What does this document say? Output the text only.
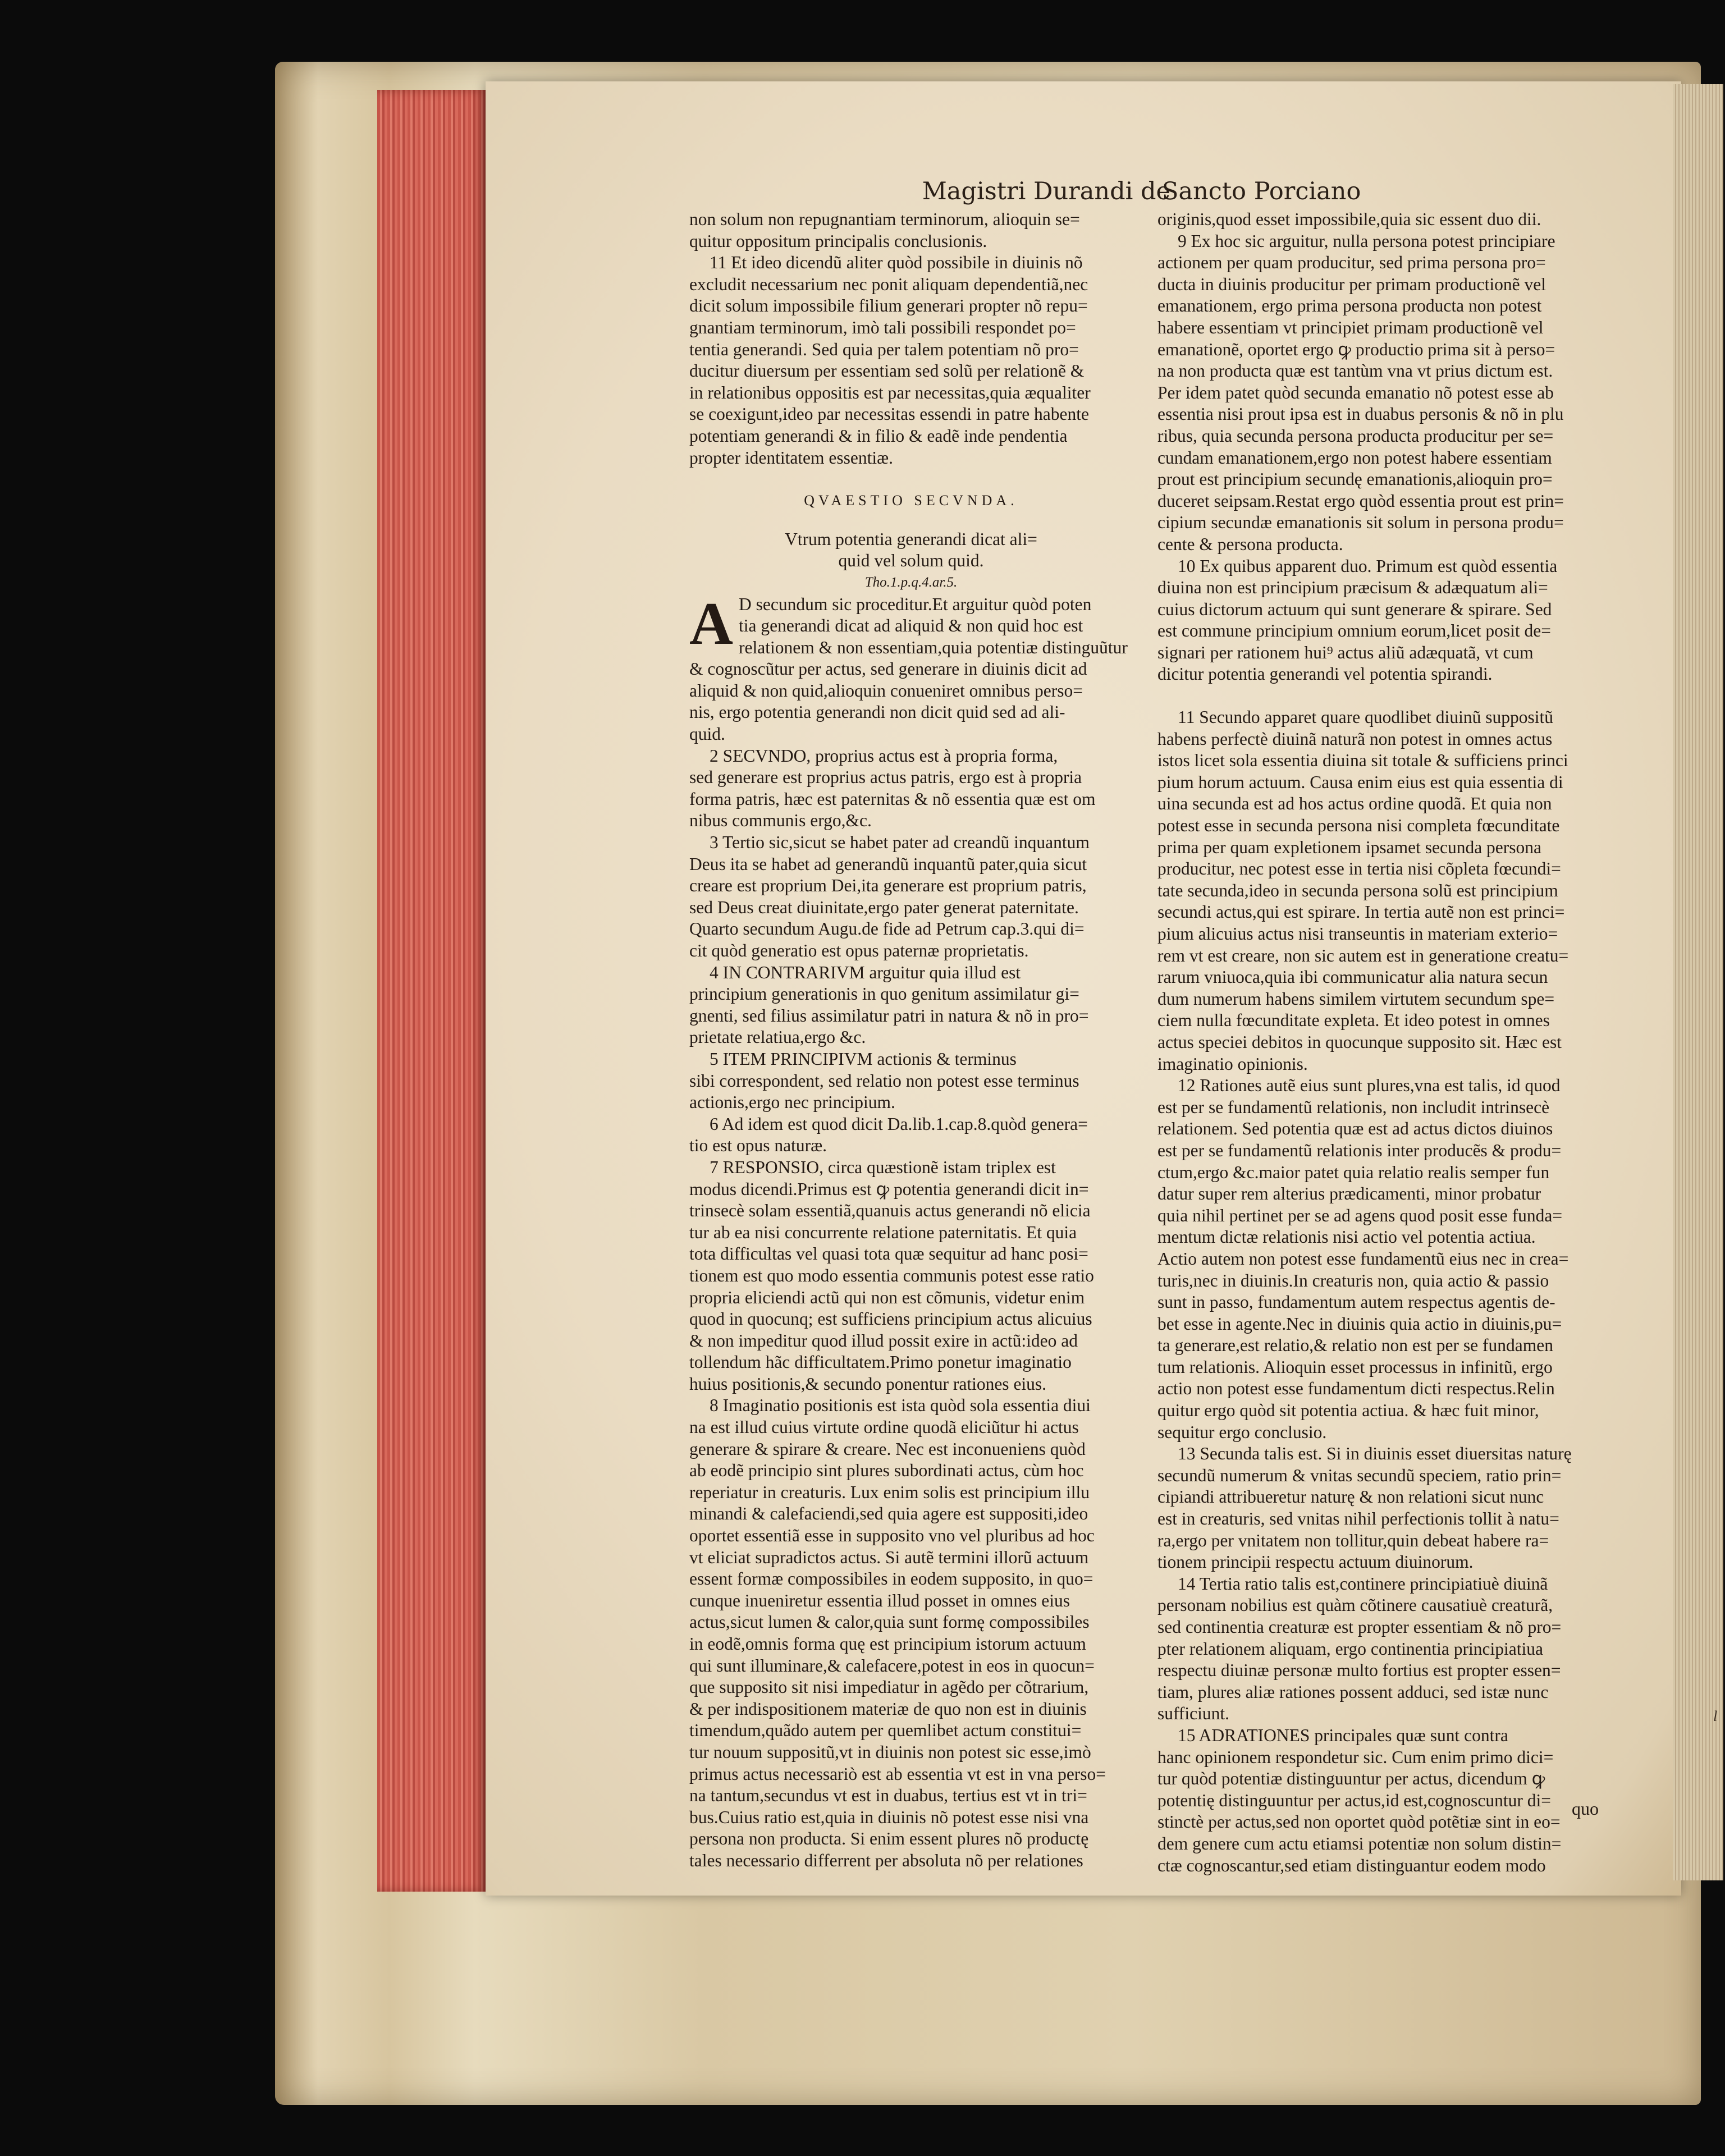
Magistri Durandi de
Sancto Porciano

non solum non repugnantiam terminorum, alioquin se=

quitur oppositum principalis conclusionis.

11 Et ideo dicendũ aliter quòd possibile in diuinis nõ

excludit necessarium nec ponit aliquam dependentiã,nec

dicit solum impossibile filium generari propter nõ repu=

gnantiam terminorum, imò tali possibili respondet po=

tentia generandi. Sed quia per talem potentiam nõ pro=

ducitur diuersum per essentiam sed solũ per relationẽ &

in relationibus oppositis est par necessitas,quia æqualiter

se coexigunt,ideo par necessitas essendi in patre habente

potentiam generandi & in filio & eadẽ inde pendentia

propter identitatem essentiæ.

QVAESTIO SECVNDA.

Vtrum potentia generandi dicat ali=

quid vel solum quid.

Tho.1.p.q.4.ar.5.

A D secundum sic proceditur.Et arguitur quòd poten

tia generandi dicat ad aliquid & non quid hoc est

relationem & non essentiam,quia potentiæ distinguũtur

& cognoscũtur per actus, sed generare in diuinis dicit ad

aliquid & non quid,alioquin conueniret omnibus perso=

nis, ergo potentia generandi non dicit quid sed ad ali-

quid.

2 SECVNDO, proprius actus est à propria forma,

sed generare est proprius actus patris, ergo est à propria

forma patris, hæc est paternitas & nõ essentia quæ est om

nibus communis ergo,&c.

3 Tertio sic,sicut se habet pater ad creandũ inquantum

Deus ita se habet ad generandũ inquantũ pater,quia sicut

creare est proprium Dei,ita generare est proprium patris,

sed Deus creat diuinitate,ergo pater generat paternitate.

Quarto secundum Augu.de fide ad Petrum cap.3.qui di=

cit quòd generatio est opus paternæ proprietatis.

4 IN CONTRARIVM arguitur quia illud est

principium generationis in quo genitum assimilatur gi=

gnenti, sed filius assimilatur patri in natura & nõ in pro=

prietate relatiua,ergo &c.

5 ITEM PRINCIPIVM actionis & terminus

sibi correspondent, sed relatio non potest esse terminus

actionis,ergo nec principium.

6 Ad idem est quod dicit Da.lib.1.cap.8.quòd genera=

tio est opus naturæ.

7 RESPONSIO, circa quæstionẽ istam triplex est

modus dicendi.Primus est ꝙ potentia generandi dicit in=

trinsecè solam essentiã,quanuis actus generandi nõ elicia

tur ab ea nisi concurrente relatione paternitatis. Et quia

tota difficultas vel quasi tota quæ sequitur ad hanc posi=

tionem est quo modo essentia communis potest esse ratio

propria eliciendi actũ qui non est cõmunis, videtur enim

quod in quocunq; est sufficiens principium actus alicuius

& non impeditur quod illud possit exire in actũ:ideo ad

tollendum hãc difficultatem.Primo ponetur imaginatio

huius positionis,& secundo ponentur rationes eius.

8 Imaginatio positionis est ista quòd sola essentia diui

na est illud cuius virtute ordine quodã eliciũtur hi actus

generare & spirare & creare. Nec est inconueniens quòd

ab eodẽ principio sint plures subordinati actus, cùm hoc

reperiatur in creaturis. Lux enim solis est principium illu

minandi & calefaciendi,sed quia agere est suppositi,ideo

oportet essentiã esse in supposito vno vel pluribus ad hoc

vt eliciat supradictos actus. Si autẽ termini illorũ actuum

essent formæ compossibiles in eodem supposito, in quo=

cunque inueniretur essentia illud posset in omnes eius

actus,sicut lumen & calor,quia sunt formę compossibiles

in eodẽ,omnis forma quę est principium istorum actuum

qui sunt illuminare,& calefacere,potest in eos in quocun=

que supposito sit nisi impediatur in agẽdo per cõtrarium,

& per indispositionem materiæ de quo non est in diuinis

timendum,quãdo autem per quemlibet actum constitui=

tur nouum suppositũ,vt in diuinis non potest sic esse,imò

primus actus necessariò est ab essentia vt est in vna perso=

na tantum,secundus vt est in duabus, tertius est vt in tri=

bus.Cuius ratio est,quia in diuinis nõ potest esse nisi vna

persona non producta. Si enim essent plures nõ productę

tales necessario differrent per absoluta nõ per relationes

originis,quod esset impossibile,quia sic essent duo dii.

9 Ex hoc sic arguitur, nulla persona potest principiare

actionem per quam producitur, sed prima persona pro=

ducta in diuinis producitur per primam productionẽ vel

emanationem, ergo prima persona producta non potest

habere essentiam vt principiet primam productionẽ vel

emanationẽ, oportet ergo ꝙ productio prima sit à perso=

na non producta quæ est tantùm vna vt prius dictum est.

Per idem patet quòd secunda emanatio nõ potest esse ab

essentia nisi prout ipsa est in duabus personis & nõ in plu

ribus, quia secunda persona producta producitur per se=

cundam emanationem,ergo non potest habere essentiam

prout est principium secundę emanationis,alioquin pro=

duceret seipsam.Restat ergo quòd essentia prout est prin=

cipium secundæ emanationis sit solum in persona produ=

cente & persona producta.

10 Ex quibus apparent duo. Primum est quòd essentia

diuina non est principium præcisum & adæquatum ali=

cuius dictorum actuum qui sunt generare & spirare. Sed

est commune principium omnium eorum,licet posit de=

signari per rationem hui⁹ actus aliũ adæquatã, vt cum

dicitur potentia generandi vel potentia spirandi.

11 Secundo apparet quare quodlibet diuinũ suppositũ

habens perfectè diuinã naturã non potest in omnes actus

istos licet sola essentia diuina sit totale & sufficiens princi

pium horum actuum. Causa enim eius est quia essentia di

uina secunda est ad hos actus ordine quodã. Et quia non

potest esse in secunda persona nisi completa fœcunditate

prima per quam expletionem ipsamet secunda persona

producitur, nec potest esse in tertia nisi cõpleta fœcundi=

tate secunda,ideo in secunda persona solũ est principium

secundi actus,qui est spirare. In tertia autẽ non est princi=

pium alicuius actus nisi transeuntis in materiam exterio=

rem vt est creare, non sic autem est in generatione creatu=

rarum vniuoca,quia ibi communicatur alia natura secun

dum numerum habens similem virtutem secundum spe=

ciem nulla fœcunditate expleta. Et ideo potest in omnes

actus speciei debitos in quocunque supposito sit. Hæc est

imaginatio opinionis.

12 Rationes autẽ eius sunt plures,vna est talis, id quod

est per se fundamentũ relationis, non includit intrinsecè

relationem. Sed potentia quæ est ad actus dictos diuinos

est per se fundamentũ relationis inter producẽs & produ=

ctum,ergo &c.maior patet quia relatio realis semper fun

datur super rem alterius prædicamenti, minor probatur

quia nihil pertinet per se ad agens quod posit esse funda=

mentum dictæ relationis nisi actio vel potentia actiua.

Actio autem non potest esse fundamentũ eius nec in crea=

turis,nec in diuinis.In creaturis non, quia actio & passio

sunt in passo, fundamentum autem respectus agentis de-

bet esse in agente.Nec in diuinis quia actio in diuinis,pu=

ta generare,est relatio,& relatio non est per se fundamen

tum relationis. Alioquin esset processus in infinitũ, ergo

actio non potest esse fundamentum dicti respectus.Relin

quitur ergo quòd sit potentia actiua. & hæc fuit minor,

sequitur ergo conclusio.

13 Secunda talis est. Si in diuinis esset diuersitas naturę

secundũ numerum & vnitas secundũ speciem, ratio prin=

cipiandi attribueretur naturę & non relationi sicut nunc

est in creaturis, sed vnitas nihil perfectionis tollit à natu=

ra,ergo per vnitatem non tollitur,quin debeat habere ra=

tionem principii respectu actuum diuinorum.

14 Tertia ratio talis est,continere principiatiuè diuinã

personam nobilius est quàm cõtinere causatiuè creaturã,

sed continentia creaturæ est propter essentiam & nõ pro=

pter relationem aliquam, ergo continentia principiatiua

respectu diuinæ personæ multo fortius est propter essen=

tiam, plures aliæ rationes possent adduci, sed istæ nunc

sufficiunt.

15 ADRATIONES principales quæ sunt contra

hanc opinionem respondetur sic. Cum enim primo dici=

tur quòd potentiæ distinguuntur per actus, dicendum ꝙ

potentię distinguuntur per actus,id est,cognoscuntur di=

stinctè per actus,sed non oportet quòd potẽtiæ sint in eo=

dem genere cum actu etiamsi potentiæ non solum distin=

ctæ cognoscantur,sed etiam distinguantur eodem modo

quo
l
